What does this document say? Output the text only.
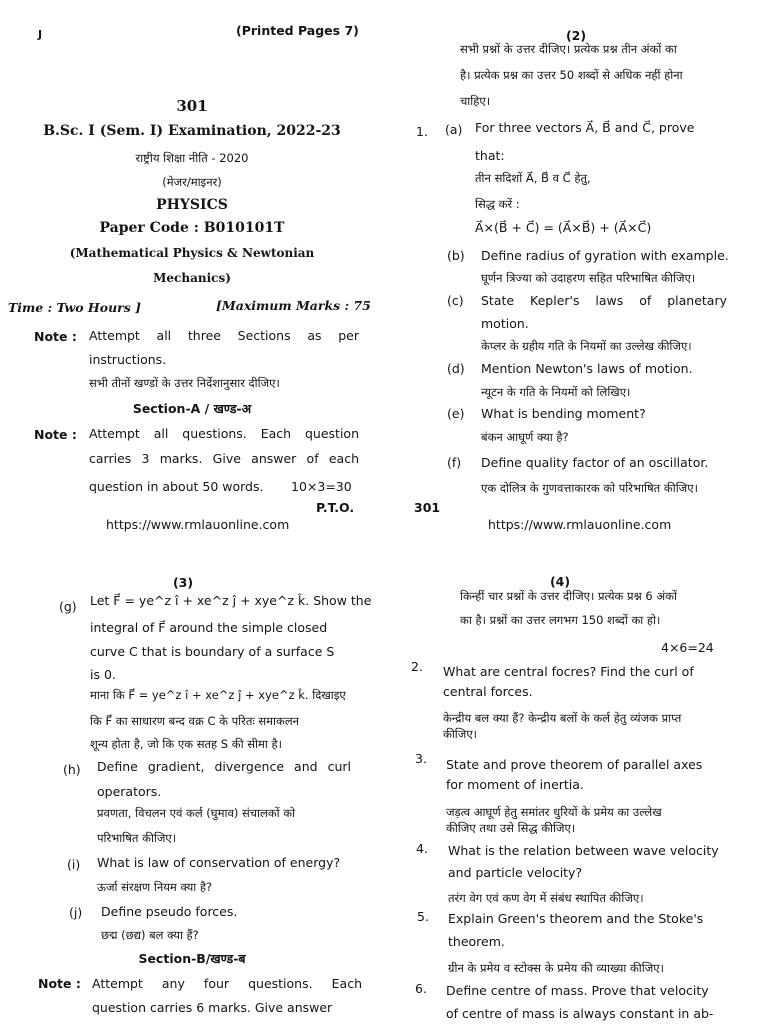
J	(Printed Pages 7)
301
B.Sc. I (Sem. I) Examination, 2022-23
राष्ट्रीय शिक्षा नीति - 2020
(मेजर/माइनर)
PHYSICS
Paper Code : B010101T
(Mathematical Physics & Newtonian
Mechanics)
Time : Two Hours ]	[Maximum Marks : 75
Note : Attempt all three Sections as per
instructions.
सभी तीनों खण्डों के उत्तर निर्देशानुसार दीजिए।
Section-A / खण्ड-अ
Note : Attempt all questions. Each question
carries 3 marks. Give answer of each
question in about 50 words. 10×3=30
P.T.O.
https://www.rmlauonline.com
(2)
सभी प्रश्नों के उत्तर दीजिए। प्रत्येक प्रश्न तीन अंकों का
है। प्रत्येक प्रश्न का उत्तर 50 शब्दों से अधिक नहीं होना
चाहिए।
1. (a) For three vectors A⃗, B⃗ and C⃗, prove
that:
तीन सदिशों A⃗, B⃗ व C⃗ हेतु,
सिद्ध करें :
A⃗×(B⃗ + C⃗) = (A⃗×B⃗) + (A⃗×C⃗)
(b) Define radius of gyration with example.
घूर्णन त्रिज्या को उदाहरण सहित परिभाषित कीजिए।
(c) State Kepler's laws of planetary
motion.
केप्लर के ग्रहीय गति के नियमों का उल्लेख कीजिए।
(d) Mention Newton's laws of motion.
न्यूटन के गति के नियमों को लिखिए।
(e) What is bending moment?
बंकन आघूर्ण क्या है?
(f) Define quality factor of an oscillator.
एक दोलित्र के गुणवत्ताकारक को परिभाषित कीजिए।
301
https://www.rmlauonline.com
(3)
(g) Let F⃗ = ye^z î + xe^z ĵ + xye^z k̂. Show the
integral of F⃗ around the simple closed
curve C that is boundary of a surface S
is 0.
माना कि F⃗ = ye^z î + xe^z ĵ + xye^z k̂. दिखाइए
कि F⃗ का साधारण बन्द वक्र C के परितः समाकलन
शून्य होता है, जो कि एक सतह S की सीमा है।
(h) Define gradient, divergence and curl
operators.
प्रवणता, विचलन एवं कर्ल (घुमाव) संचालकों को
परिभाषित कीजिए।
(i) What is law of conservation of energy?
ऊर्जा संरक्षण नियम क्या है?
(j) Define pseudo forces.
छद्म (छद्य) बल क्या हैं?
Section-B/खण्ड-ब
Note : Attempt any four questions. Each
question carries 6 marks. Give answer
(4)
किन्हीं चार प्रश्नों के उत्तर दीजिए। प्रत्येक प्रश्न 6 अंकों
का है। प्रश्नों का उत्तर लगभग 150 शब्दों का हो।
4×6=24
2. What are central focres? Find the curl of
central forces.
केन्द्रीय बल क्या हैं? केन्द्रीय बलों के कर्ल हेतु व्यंजक प्राप्त
कीजिए।
3. State and prove theorem of parallel axes
for moment of inertia.
जड़त्व आघूर्ण हेतु समांतर धुरियों के प्रमेय का उल्लेख
कीजिए तथा उसे सिद्ध कीजिए।
4. What is the relation between wave velocity
and particle velocity?
तरंग वेग एवं कण वेग में संबंध स्थापित कीजिए।
5. Explain Green's theorem and the Stoke's
theorem.
ग्रीन के प्रमेय व स्टोक्स के प्रमेय की व्याख्या कीजिए।
6. Define centre of mass. Prove that velocity
of centre of mass is always constant in ab-
